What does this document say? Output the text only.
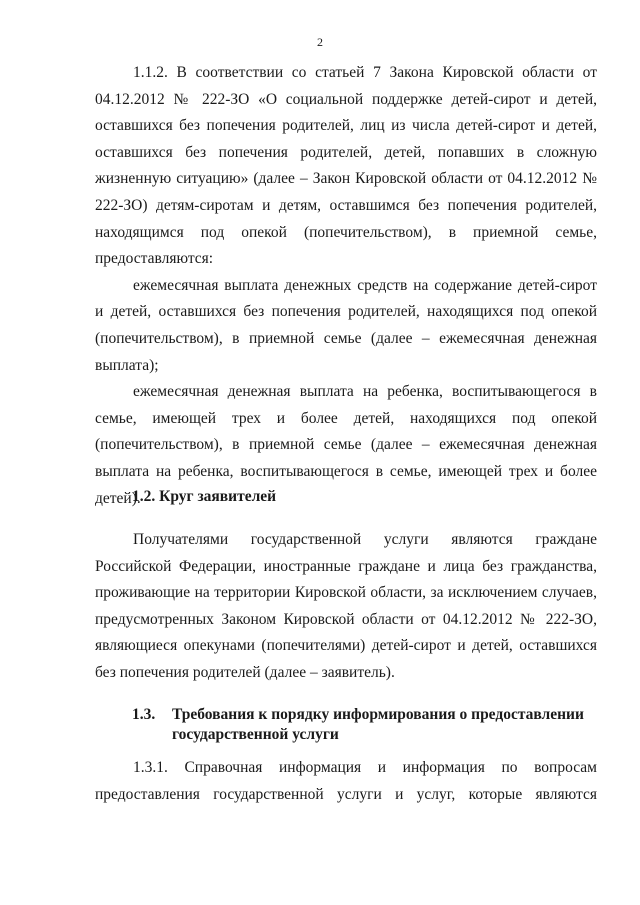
2

1.1.2. В соответствии со статьей 7 Закона Кировской области от 04.12.2012 № 222-ЗО «О социальной поддержке детей-сирот и детей, оставшихся без попечения родителей, лиц из числа детей-сирот и детей, оставшихся без попечения родителей, детей, попавших в сложную жизненную ситуацию» (далее – Закон Кировской области от 04.12.2012 № 222-ЗО) детям-сиротам и детям, оставшимся без попечения родителей, находящимся под опекой (попечительством), в приемной семье, предоставляются:

ежемесячная выплата денежных средств на содержание детей-сирот и детей, оставшихся без попечения родителей, находящихся под опекой (попечительством), в приемной семье (далее – ежемесячная денежная выплата);

ежемесячная денежная выплата на ребенка, воспитывающегося в семье, имеющей трех и более детей, находящихся под опекой (попечительством), в приемной семье (далее – ежемесячная денежная выплата на ребенка, воспитывающегося в семье, имеющей трех и более детей).

1.2. Круг заявителей

Получателями государственной услуги являются граждане Российской Федерации, иностранные граждане и лица без гражданства, проживающие на территории Кировской области, за исключением случаев, предусмотренных Законом Кировской области от 04.12.2012 № 222-ЗО, являющиеся опекунами (попечителями) детей-сирот и детей, оставшихся без попечения родителей (далее – заявитель).

1.3. Требования к порядку информирования о предоставлении
государственной услуги

1.3.1. Справочная информация и информация по вопросам предоставления государственной услуги и услуг, которые являются
